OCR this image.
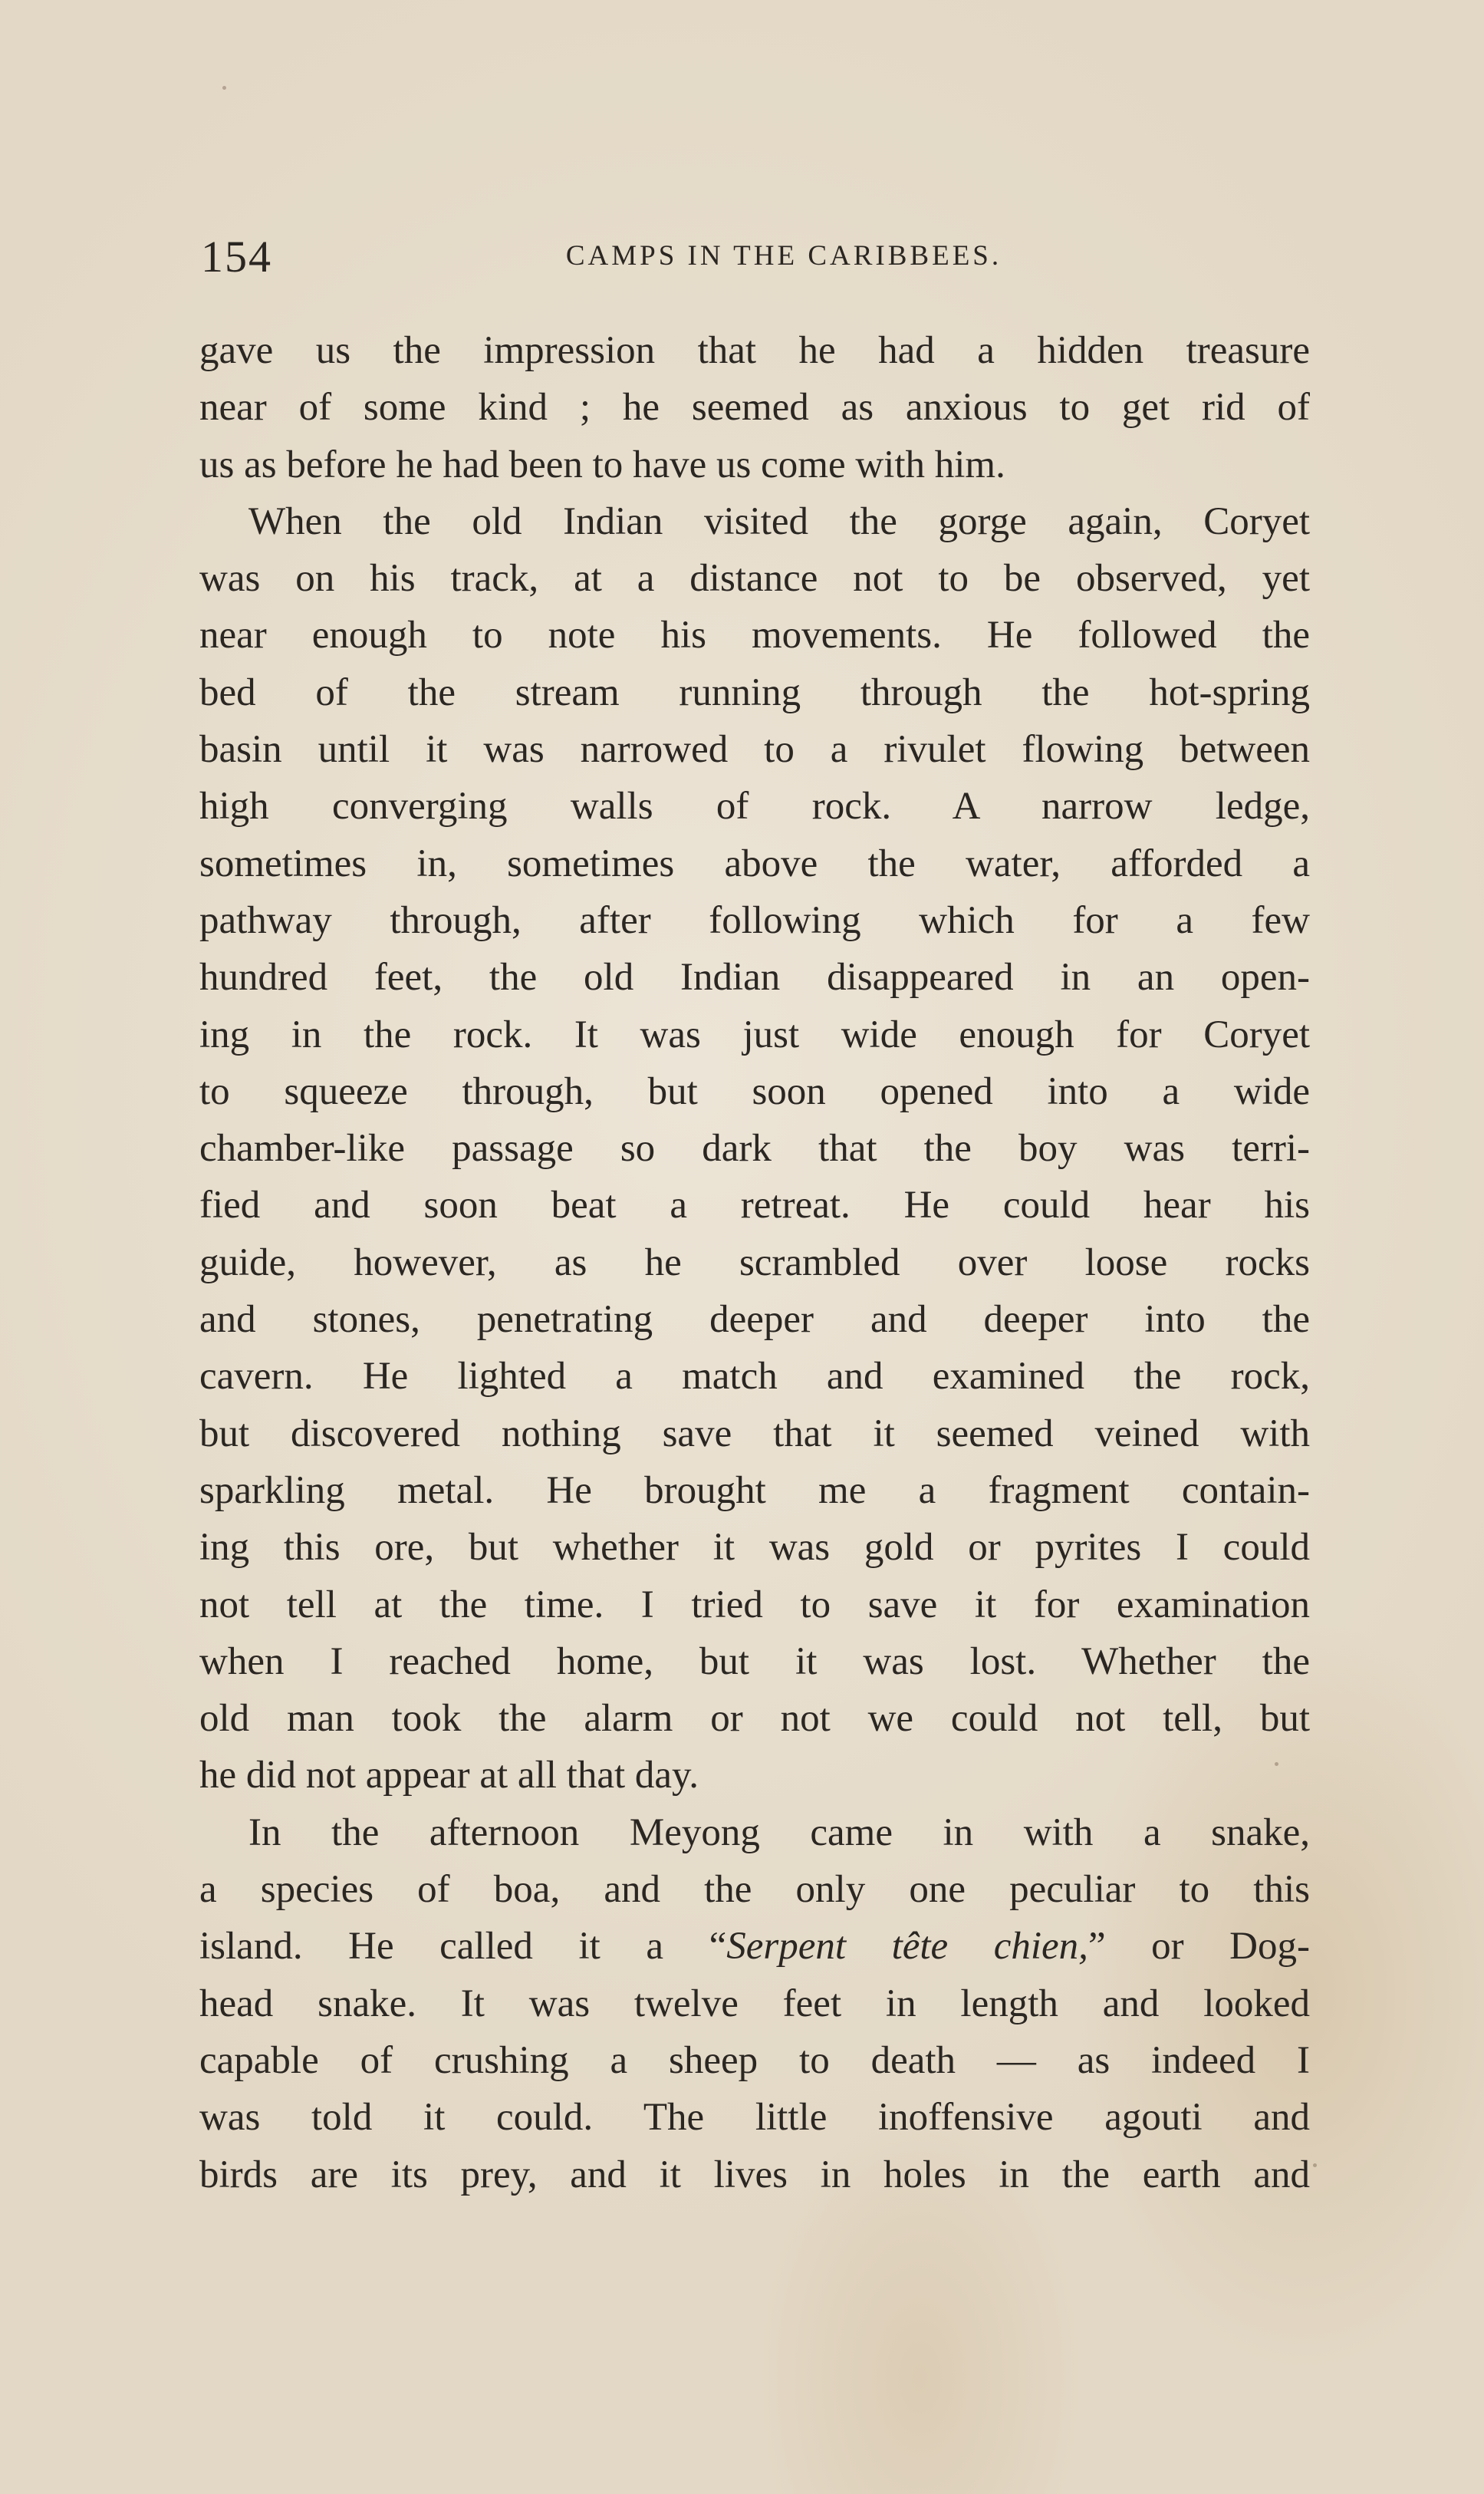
154	CAMPS IN THE CARIBBEES.
gave us the impression that he had a hidden treasure
near of some kind ; he seemed as anxious to get rid of
us as before he had been to have us come with him.
When the old Indian visited the gorge again, Coryet
was on his track, at a distance not to be observed, yet
near enough to note his movements. He followed the
bed of the stream running through the hot-spring
basin until it was narrowed to a rivulet flowing between
high converging walls of rock. A narrow ledge,
sometimes in, sometimes above the water, afforded a
pathway through, after following which for a few
hundred feet, the old Indian disappeared in an open-
ing in the rock. It was just wide enough for Coryet
to squeeze through, but soon opened into a wide
chamber-like passage so dark that the boy was terri-
fied and soon beat a retreat. He could hear his
guide, however, as he scrambled over loose rocks
and stones, penetrating deeper and deeper into the
cavern. He lighted a match and examined the rock,
but discovered nothing save that it seemed veined with
sparkling metal. He brought me a fragment contain-
ing this ore, but whether it was gold or pyrites I could
not tell at the time. I tried to save it for examination
when I reached home, but it was lost. Whether the
old man took the alarm or not we could not tell, but
he did not appear at all that day.
In the afternoon Meyong came in with a snake,
a species of boa, and the only one peculiar to this
island. He called it a “Serpent tête chien,” or Dog-
head snake. It was twelve feet in length and looked
capable of crushing a sheep to death — as indeed I
was told it could. The little inoffensive agouti and
birds are its prey, and it lives in holes in the earth and
